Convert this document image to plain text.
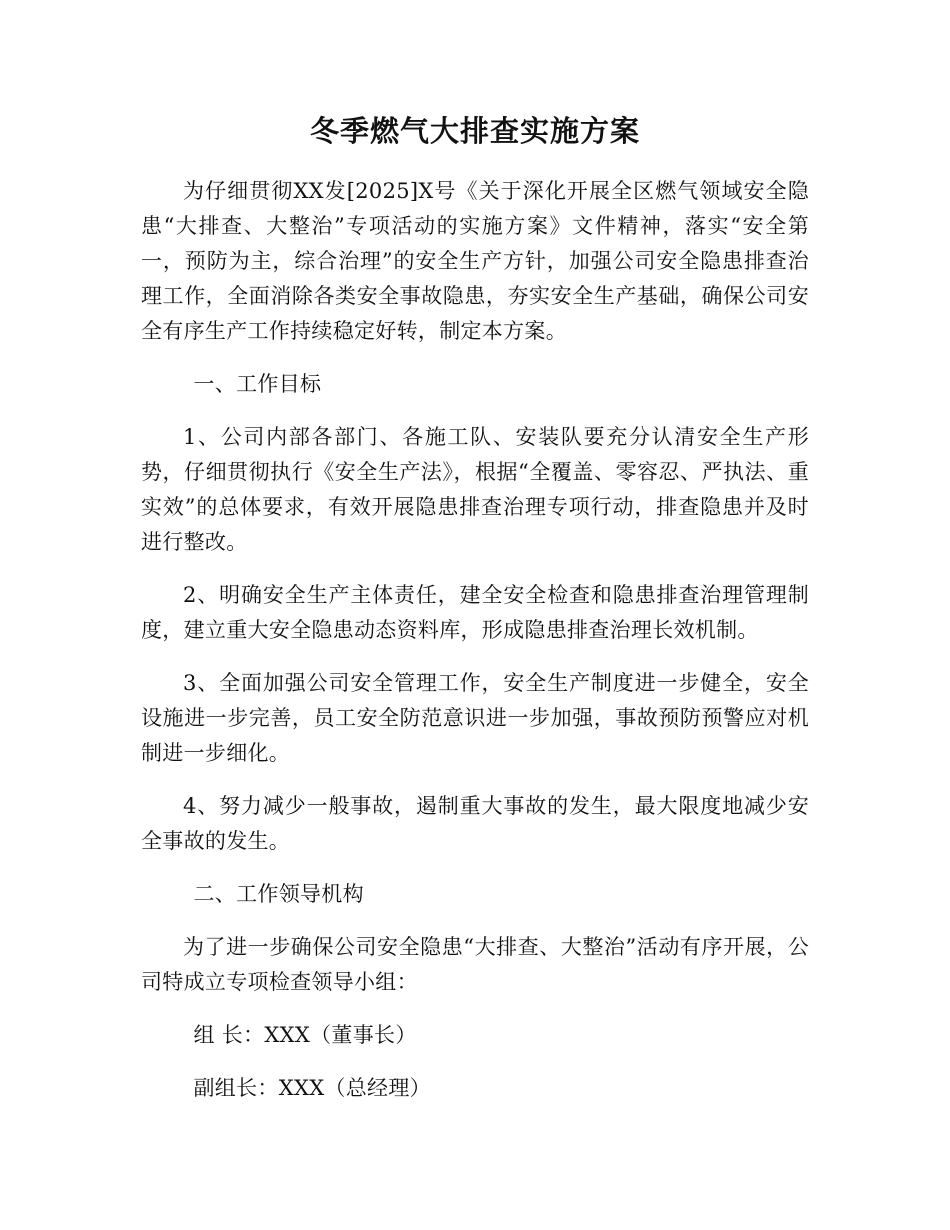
冬季燃气大排查实施方案

为仔细贯彻XX发[2025]X号《关于深化开展全区燃气领域安全隐患“大排查、大整治”专项活动的实施方案》文件精神，落实“安全第一，预防为主，综合治理”的安全生产方针，加强公司安全隐患排查治理工作，全面消除各类安全事故隐患，夯实安全生产基础，确保公司安全有序生产工作持续稳定好转，制定本方案。

一、工作目标

1、公司内部各部门、各施工队、安装队要充分认清安全生产形势，仔细贯彻执行《安全生产法》，根据“全覆盖、零容忍、严执法、重实效”的总体要求，有效开展隐患排查治理专项行动，排查隐患并及时进行整改。

2、明确安全生产主体责任，建全安全检查和隐患排查治理管理制度，建立重大安全隐患动态资料库，形成隐患排查治理长效机制。

3、全面加强公司安全管理工作，安全生产制度进一步健全，安全设施进一步完善，员工安全防范意识进一步加强，事故预防预警应对机制进一步细化。

4、努力减少一般事故，遏制重大事故的发生，最大限度地减少安全事故的发生。

二、工作领导机构

为了进一步确保公司安全隐患“大排查、大整治”活动有序开展，公司特成立专项检查领导小组：

组 长：XXX（董事长）

副组长：XXX（总经理）
